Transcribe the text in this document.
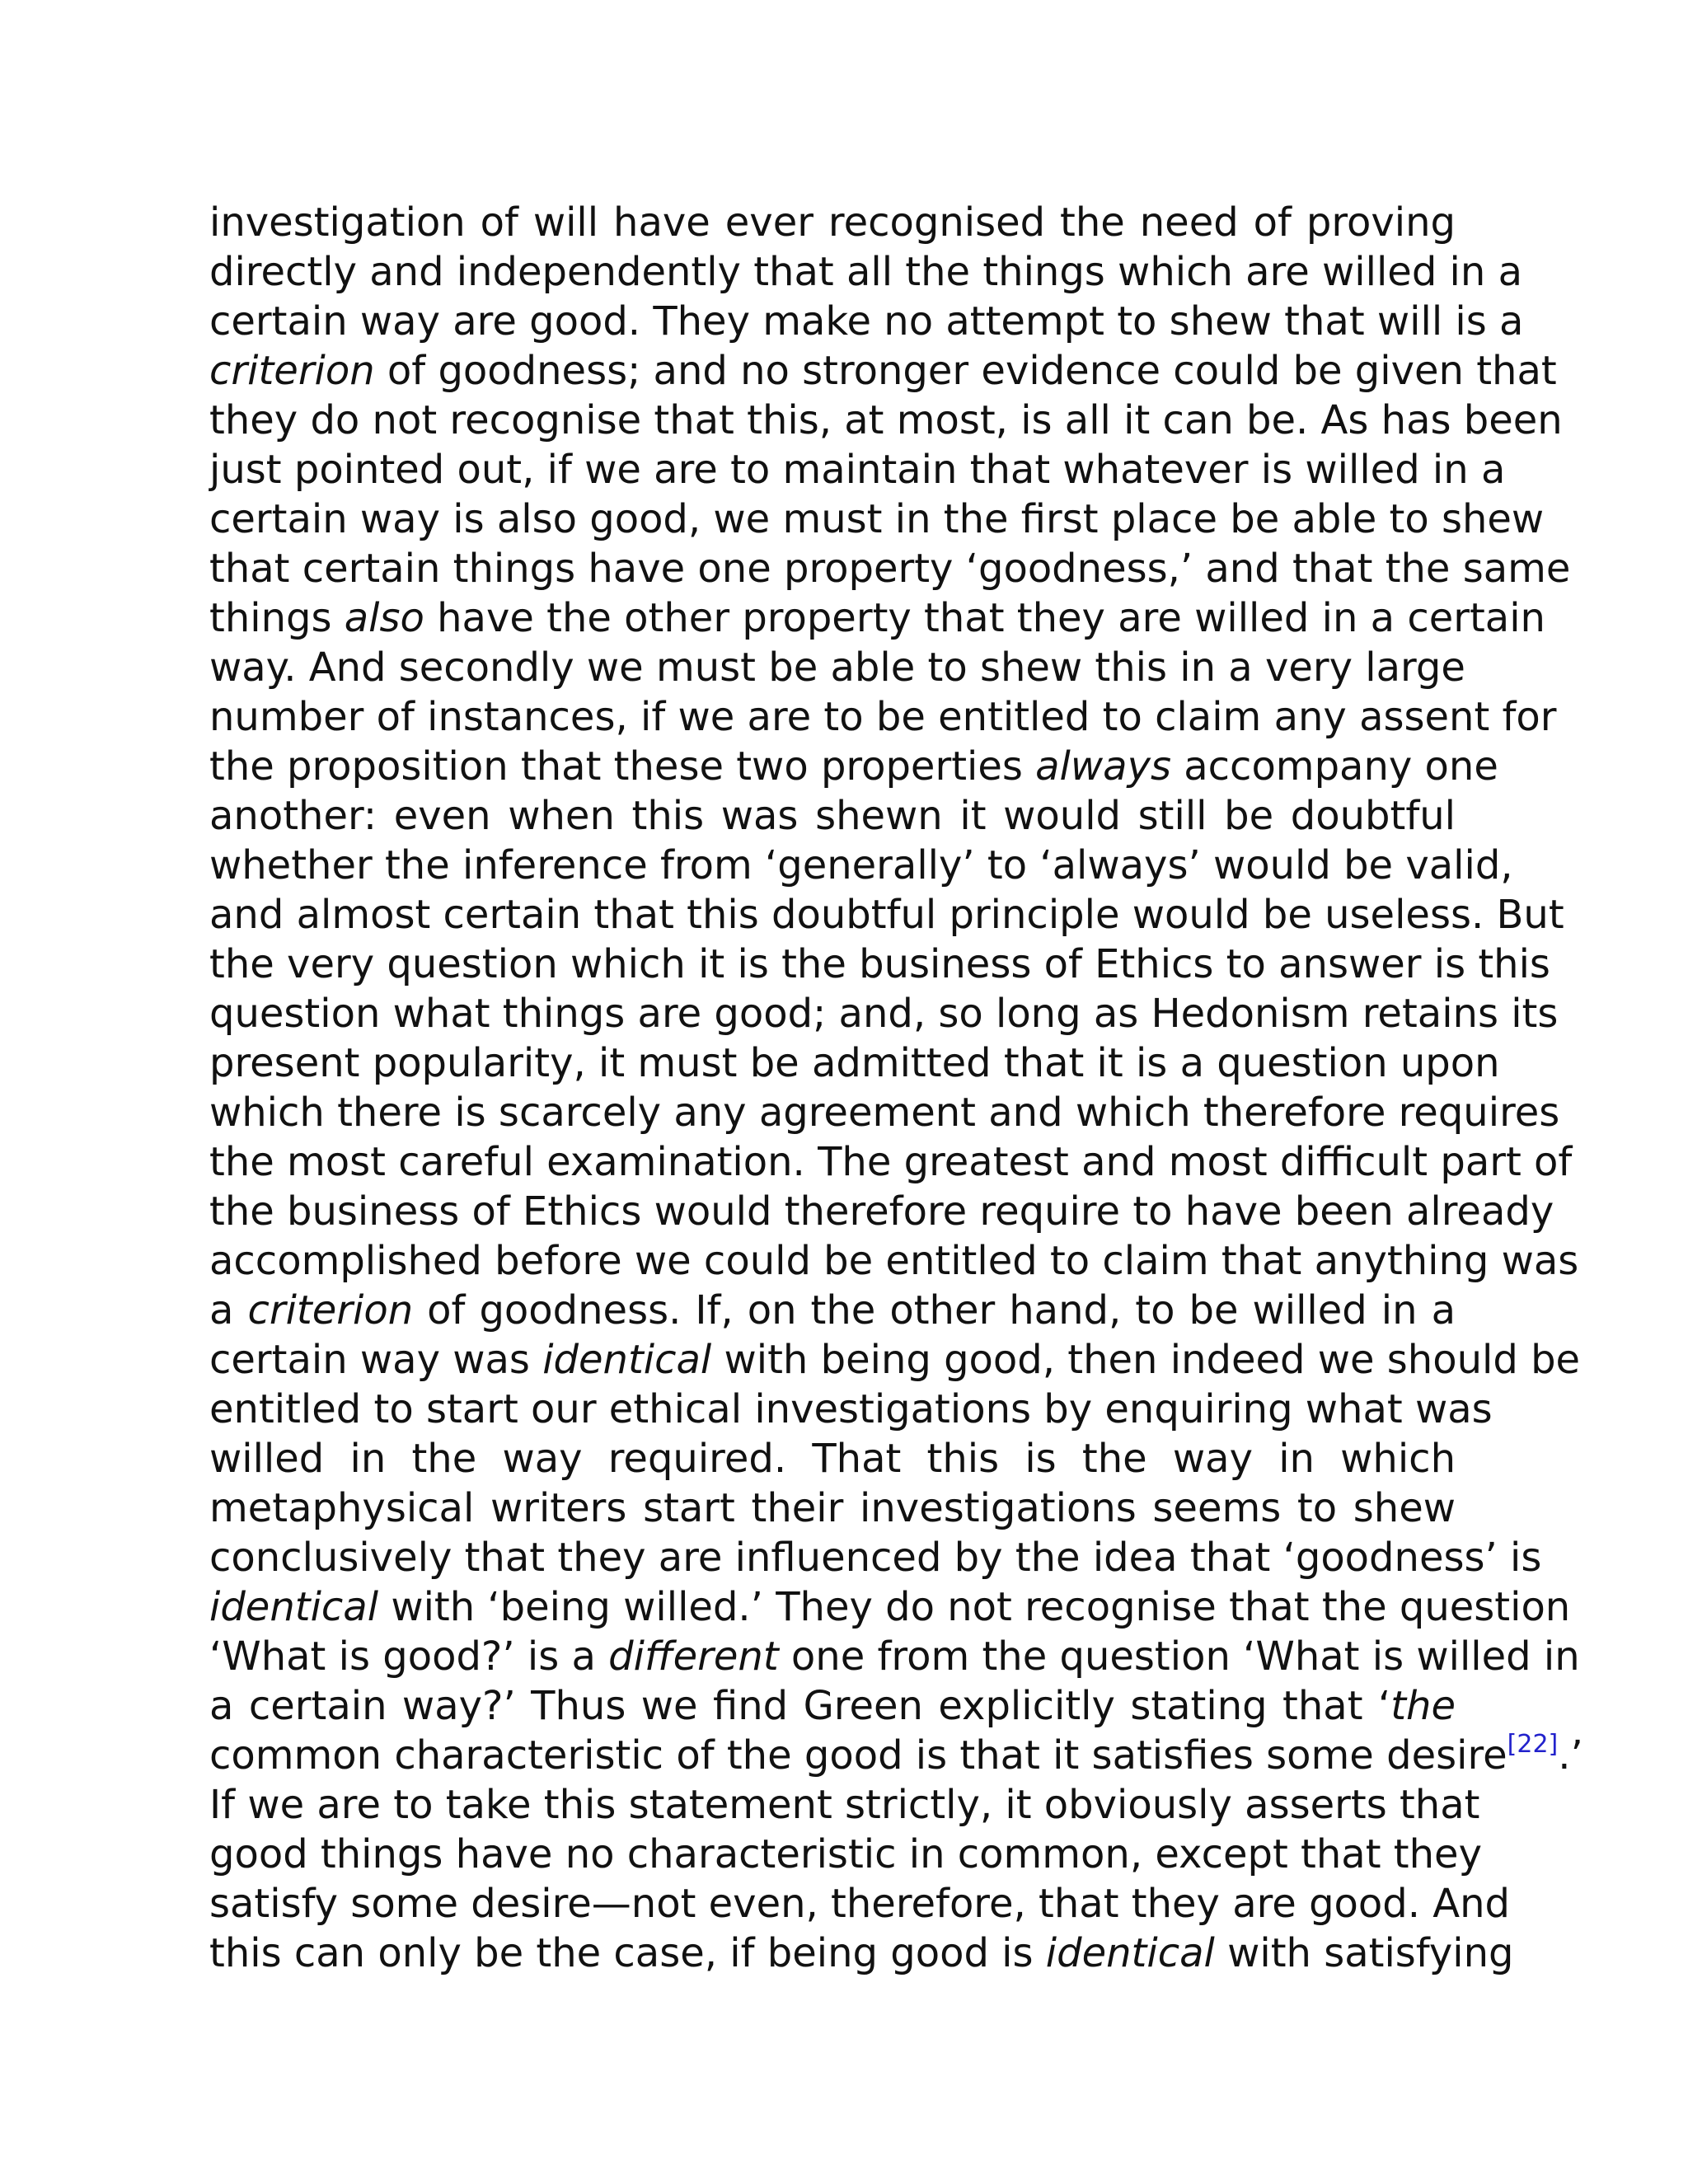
investigation of will have ever recognised the need of proving
directly and independently that all the things which are willed in a
certain way are good. They make no attempt to shew that will is a
criterion of goodness; and no stronger evidence could be given that
they do not recognise that this, at most, is all it can be. As has been
just pointed out, if we are to maintain that whatever is willed in a
certain way is also good, we must in the first place be able to shew
that certain things have one property ‘goodness,’ and that the same
things also have the other property that they are willed in a certain
way. And secondly we must be able to shew this in a very large
number of instances, if we are to be entitled to claim any assent for
the proposition that these two properties always accompany one
another: even when this was shewn it would still be doubtful
whether the inference from ‘generally’ to ‘always’ would be valid,
and almost certain that this doubtful principle would be useless. But
the very question which it is the business of Ethics to answer is this
question what things are good; and, so long as Hedonism retains its
present popularity, it must be admitted that it is a question upon
which there is scarcely any agreement and which therefore requires
the most careful examination. The greatest and most difficult part of
the business of Ethics would therefore require to have been already
accomplished before we could be entitled to claim that anything was
a criterion of goodness. If, on the other hand, to be willed in a
certain way was identical with being good, then indeed we should be
entitled to start our ethical investigations by enquiring what was
willed in the way required. That this is the way in which
metaphysical writers start their investigations seems to shew
conclusively that they are influenced by the idea that ‘goodness’ is
identical with ‘being willed.’ They do not recognise that the question
‘What is good?’ is a different one from the question ‘What is willed in
a certain way?’ Thus we find Green explicitly stating that ‘the
common characteristic of the good is that it satisfies some desire[22].’
If we are to take this statement strictly, it obviously asserts that
good things have no characteristic in common, except that they
satisfy some desire—not even, therefore, that they are good. And
this can only be the case, if being good is identical with satisfying
